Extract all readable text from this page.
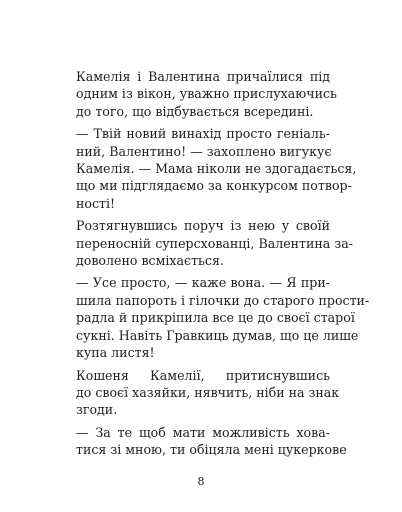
Камелія і Валентина причаїлися під
одним із вікон, уважно прислухаючись
до того, що відбувається всередині.

— Твій новий винахід просто геніаль-
ний, Валентино! — захоплено вигукує
Камелія. — Мама ніколи не здогадається,
що ми підглядаємо за конкурсом потвор-
ності!

Розтягнувшись поруч із нею у своїй
переносній суперсхованці, Валентина за-
доволено всміхається.

— Усе просто, — каже вона. — Я при-
шила папороть і гілочки до старого прости-
радла й прикріпила все це до своєї старої
сукні. Навіть Гравкиць думав, що це лише
купа листя!

Кошеня Камелії, притиснувшись
до своєї хазяйки, нявчить, ніби на знак
згоди.

— За те щоб мати можливість хова-
тися зі мною, ти обіцяла мені цукеркове

8
